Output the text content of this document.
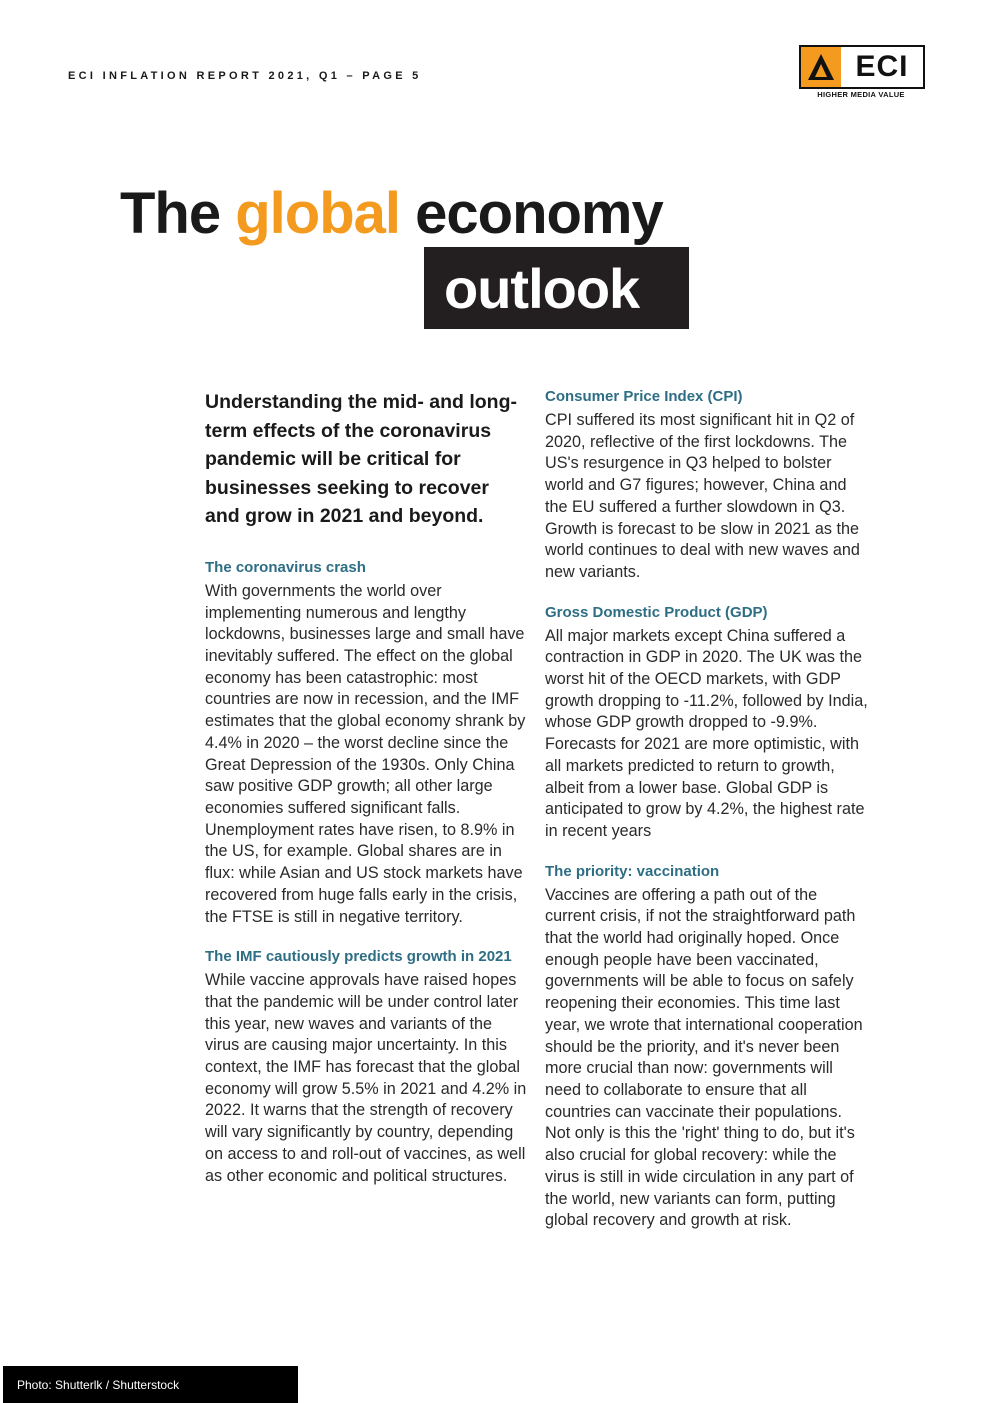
ECI INFLATION REPORT 2021, Q1 – PAGE 5	ECI
HIGHER MEDIA VALUE
The global economy
outlook

Understanding the mid- and long-term effects of the coronavirus pandemic will be critical for businesses seeking to recover and grow in 2021 and beyond.

The coronavirus crash

With governments the world over implementing numerous and lengthy lockdowns, businesses large and small have inevitably suffered. The effect on the global economy has been catastrophic: most countries are now in recession, and the IMF estimates that the global economy shrank by 4.4% in 2020 – the worst decline since the Great Depression of the 1930s. Only China saw positive GDP growth; all other large economies suffered significant falls. Unemployment rates have risen, to 8.9% in the US, for example. Global shares are in flux: while Asian and US stock markets have recovered from huge falls early in the crisis, the FTSE is still in negative territory.

The IMF cautiously predicts growth in 2021

While vaccine approvals have raised hopes that the pandemic will be under control later this year, new waves and variants of the virus are causing major uncertainty. In this context, the IMF has forecast that the global economy will grow 5.5% in 2021 and 4.2% in 2022. It warns that the strength of recovery will vary significantly by country, depending on access to and roll-out of vaccines, as well as other economic and political structures.

Consumer Price Index (CPI)

CPI suffered its most significant hit in Q2 of 2020, reflective of the first lockdowns. The US's resurgence in Q3 helped to bolster world and G7 figures; however, China and the EU suffered a further slowdown in Q3. Growth is forecast to be slow in 2021 as the world continues to deal with new waves and new variants.

Gross Domestic Product (GDP)

All major markets except China suffered a contraction in GDP in 2020. The UK was the worst hit of the OECD markets, with GDP growth dropping to -11.2%, followed by India, whose GDP growth dropped to -9.9%. Forecasts for 2021 are more optimistic, with all markets predicted to return to growth, albeit from a lower base. Global GDP is anticipated to grow by 4.2%, the highest rate in recent years

The priority: vaccination

Vaccines are offering a path out of the current crisis, if not the straightforward path that the world had originally hoped. Once enough people have been vaccinated, governments will be able to focus on safely reopening their economies. This time last year, we wrote that international cooperation should be the priority, and it's never been more crucial than now: governments will need to collaborate to ensure that all countries can vaccinate their populations. Not only is this the 'right' thing to do, but it's also crucial for global recovery: while the virus is still in wide circulation in any part of the world, new variants can form, putting global recovery and growth at risk.

Photo: Shutterlk / Shutterstock
